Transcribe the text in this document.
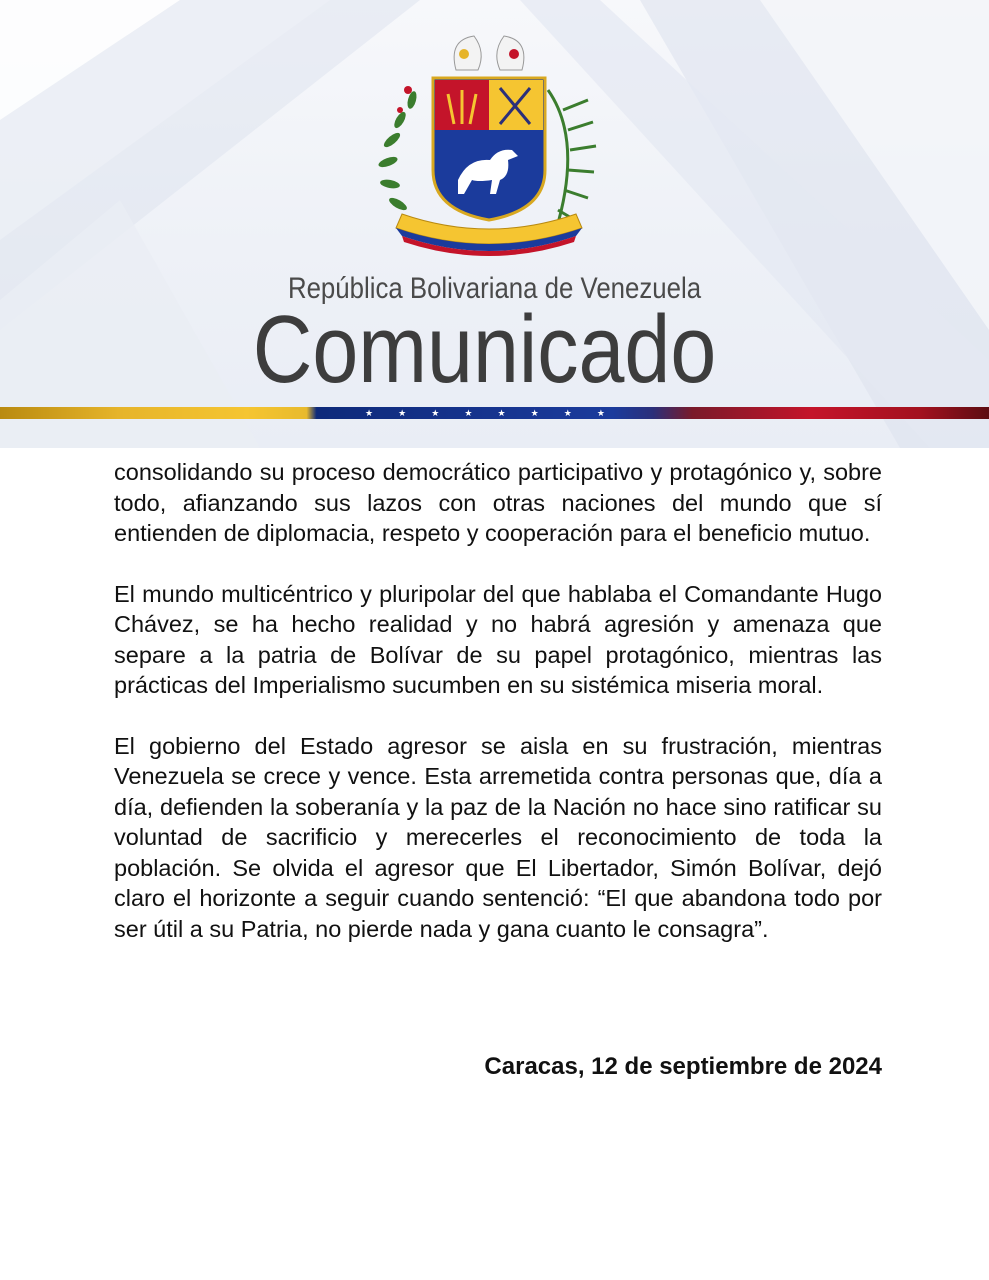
República Bolivariana de Venezuela
Comunicado
★	★	★	★	★	★	★	★

consolidando su proceso democrático participativo y protagónico y, sobre todo, afianzando sus lazos con otras naciones del mundo que sí entienden de diplomacia, respeto y cooperación para el beneficio mutuo.

El mundo multicéntrico y pluripolar del que hablaba el Comandante Hugo Chávez, se ha hecho realidad y no habrá agresión y amenaza que separe a la patria de Bolívar de su papel protagónico, mientras las prácticas del Imperialismo sucumben en su sistémica miseria moral.

El gobierno del Estado agresor se aisla en su frustración, mientras Venezuela se crece y vence. Esta arremetida contra personas que, día a día, defienden la soberanía y la paz de la Nación no hace sino ratificar su voluntad de sacrificio y merecerles el reconocimiento de toda la población. Se olvida el agresor que El Libertador, Simón Bolívar, dejó claro el horizonte a seguir cuando sentenció: “El que abandona todo por ser útil a su Patria, no pierde nada y gana cuanto le consagra”.

Caracas, 12 de septiembre de 2024
